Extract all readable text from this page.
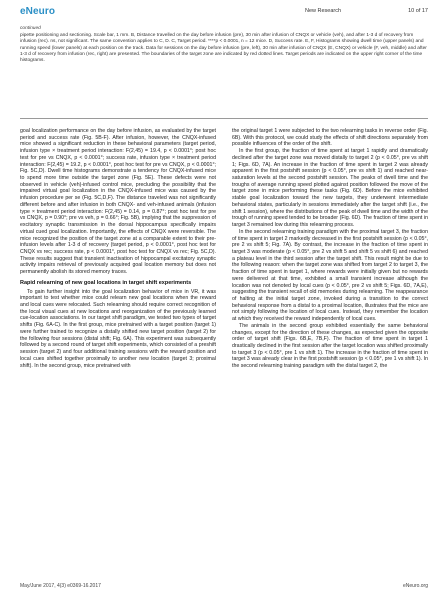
eNeuro	New Research	10 of 17
continued
pipette positioning and sectioning. Scale bar, 1 mm. B, Distance travelled on the day before infusion (pre), 30 min after infusion of CNQX or vehicle (veh), and after 1-3 d of recovery from infusion (rec). ns, not significant. The same convention applies to C, D. C, Target period. ****p < 0.0001, n = 12 mice. D, Success rate. E, F, Histograms showing dwell time (upper panels) and running speed (lower panels) at each position on the track. Data for sessions on the day before infusion (pre, left), 30 min after infusion of CNQX (E, CNQX) or vehicle (F, veh, middle) and after 1-3 d of recovery from infusion (rec, right) are presented. The boundaries of the target zone are indicated by red dotted lines. Target periods are indicated on the upper right corner of the time histograms.

goal localization performance on the day before infusion, as evaluated by the target period and success rate (Fig. 5B-F). After infusion, however, the CNQX-infused mice showed a significant reduction in these behavioral parameters (target period, infusion type × treatment period interaction: F(2,45) = 19.4, p < 0.0001°; post hoc test for pre vs CNQX, p < 0.0001°; success rate, infusion type × treatment period interaction: F(2,45) = 19.2, p < 0.0001°, post hoc test for pre vs CNQX, p < 0.0001°; Fig. 5C,D). Dwell time histograms demonstrate a tendency for CNQX-infused mice to spend more time outside the target zone (Fig. 5E). These defects were not observed in vehicle (veh)-infused control mice, precluding the possibility that the impaired virtual goal localization in the CNQX-infused mice was caused by the infusion procedure per se (Fig. 5C,D,F). The distance traveled was not significantly different before and after infusion in both CNQX- and veh-infused animals (infusion type × treatment period interaction: F(2,45) = 0.14, p = 0.87°; post hoc test for pre vs CNQX, p = 0.90°; pre vs veh, p = 0.66°; Fig. 5B), implying that the suppression of excitatory synaptic transmission in the dorsal hippocampus specifically impairs virtual cued goal localization. Importantly, the effects of CNQX were reversible. The mice recognized the position of the target zone at a comparable extent to their pre-infusion levels after 1-3 d of recovery (target period, p < 0.0001°, post hoc test for CNQX vs rec; success rate, p < 0.0001°, post hoc test for CNQX vs rec; Fig. 5C,D). These results suggest that transient inactivation of hippocampal excitatory synaptic activity impairs retrieval of previously acquired goal location memory but does not permanently abolish its stored memory traces.

Rapid relearning of new goal locations in target shift experiments

To gain further insight into the goal localization behavior of mice in VR, it was important to test whether mice could relearn new goal locations when the reward and local cues were relocated. Such relearning should require correct recognition of the local visual cues at new locations and reorganization of the previously learned cue-location associations. In our target shift paradigm, we tested two types of target shifts (Fig. 6A-C). In the first group, mice pretrained with a target position (target 1) were further trained to recognize a distally shifted new target position (target 2) for the following four sessions (distal shift; Fig. 6A). This experiment was subsequently followed by a second round of target shift experiments, which consisted of a preshift session (target 2) and four additional training sessions with the reward position and local cues shifted together proximally to another new location (target 3; proximal shift). In the second group, mice pretrained with

the original target 1 were subjected to the two relearning tasks in reverse order (Fig. 6B). With this protocol, we could study the effects of shift directions separately from possible influences of the order of the shift.

In the first group, the fraction of time spent at target 1 rapidly and dramatically declined after the target zone was moved distally to target 2 (p < 0.05°, pre vs shift 1; Figs. 6D, 7A). An increase in the fraction of time spent in target 2 was already apparent in the first postshift session (p < 0.05°, pre vs shift 1) and reached near-saturation levels at the second postshift session. The peaks of dwell time and the troughs of average running speed plotted against position followed the move of the target zone in mice performing these tasks (Fig. 6D). Before the mice exhibited stable goal localization toward the new targets, they underwent intermediate behavioral states, particularly in sessions immediately after the target shift (i.e., the shift 1 session), where the distributions of the peak of dwell time and the width of the trough of running speed tended to be broader (Fig. 6D). The fraction of time spent in target 3 remained low during this relearning process.

In the second relearning training paradigm with the proximal target 3, the fraction of time spent in target 2 markedly decreased in the first postshift session (p < 0.05°, pre 2 vs shift 5; Fig. 7A). By contrast, the increase in the fraction of time spent in target 3 was moderate (p < 0.05°, pre 2 vs shift 5 and shift 5 vs shift 6) and reached a plateau level in the third session after the target shift. This result might be due to the following reason: when the target zone was shifted from target 2 to target 3, the fraction of time spent in target 1, where rewards were initially given but no rewards were delivered at that time, exhibited a small transient increase although the location was not denoted by local cues (p < 0.05°, pre 2 vs shift 5; Figs. 6D, 7A,E), suggesting the transient recall of old memories during relearning. The reappearance of halting at the initial target zone, invoked during a transition to the correct behavioral response from a distal to a proximal location, illustrates that the mice are not simply following the location of local cues. Instead, they remember the location at which they received the reward independently of local cues.

The animals in the second group exhibited essentially the same behavioral changes, except for the direction of these changes, as expected given the opposite order of target shift (Figs. 6B,E, 7B,F). The fraction of time spent in target 1 drastically declined in the first session after the target location was shifted proximally to target 3 (p < 0.05°, pre 1 vs shift 1). The increase in the fraction of time spent in target 3 was already clear in the first postshift session (p < 0.05°, pre 1 vs shift 1). In the second relearning training paradigm with the distal target 2, the

May/June 2017, 4(3) e0369-16.2017	eNeuro.org
